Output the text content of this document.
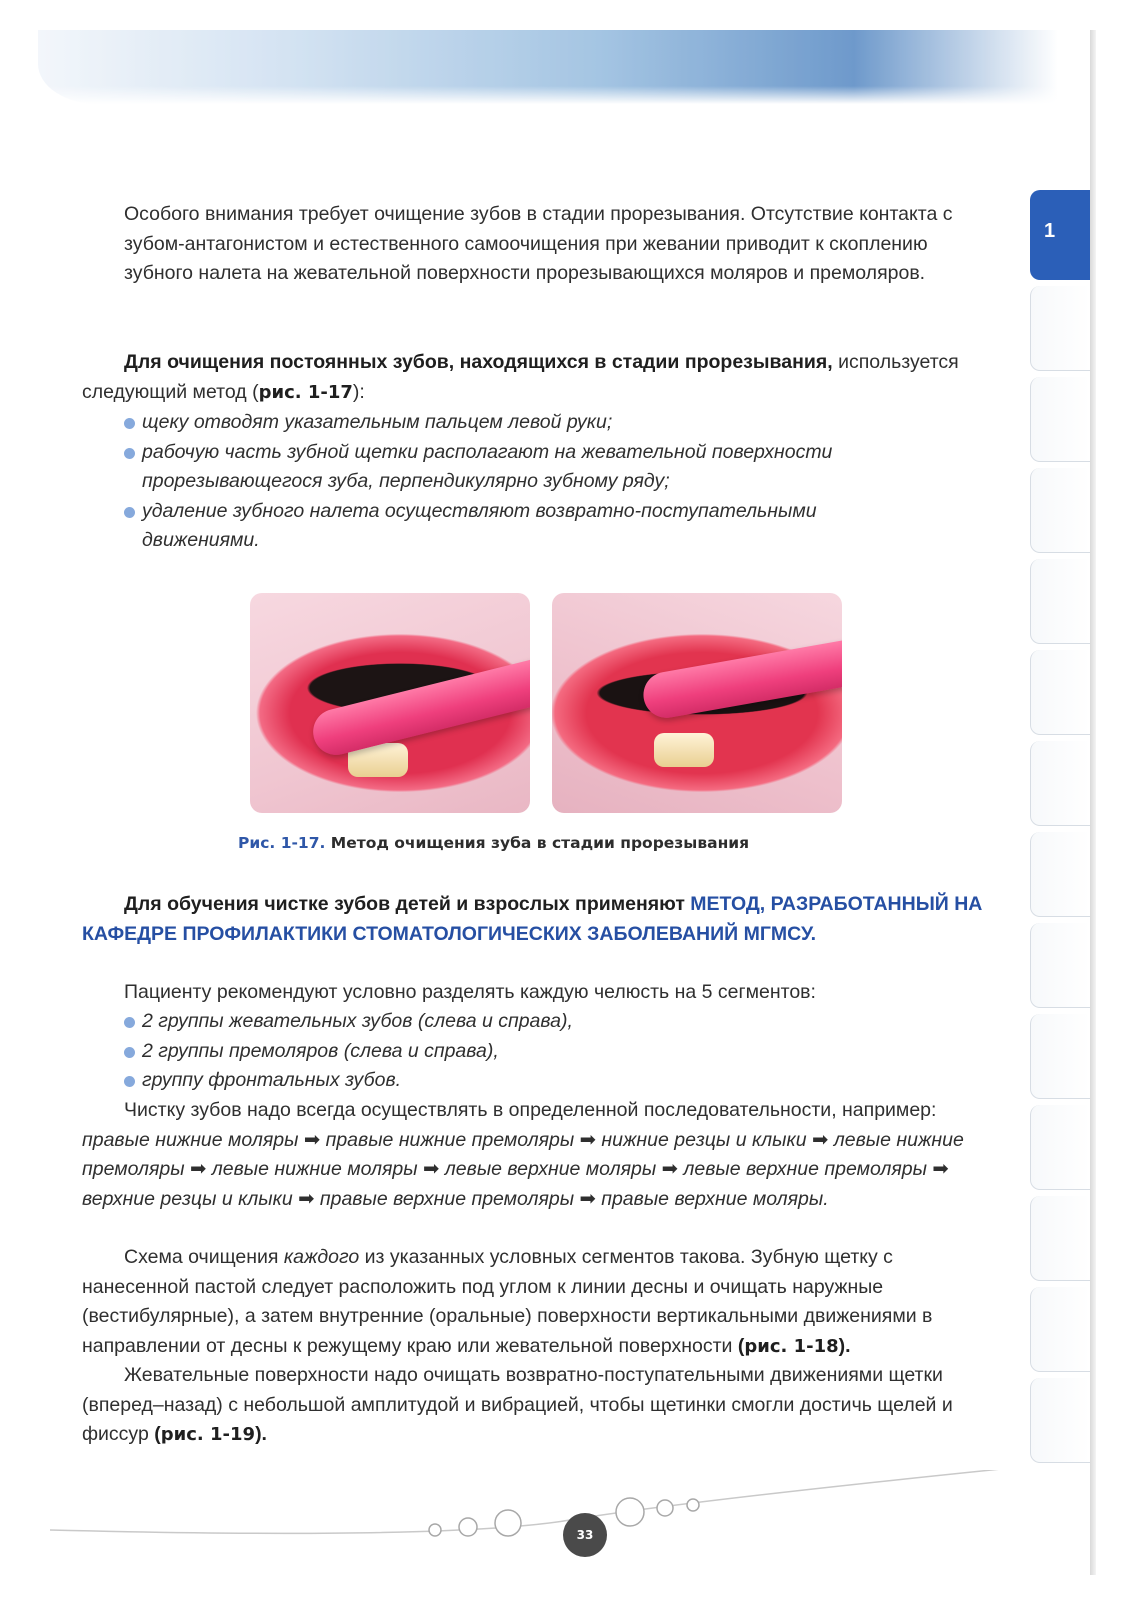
1

Особого внимания требует очищение зубов в стадии прорезывания. Отсутствие контакта с зубом-антагонистом и естественного самоочищения при жевании приводит к скоплению зубного налета на жевательной поверхности прорезывающихся моляров и премоляров.

Для очищения постоянных зубов, находящихся в стадии прорезывания, используется следующий метод (рис. 1-17):

щеку отводят указательным пальцем левой руки;
рабочую часть зубной щетки располагают на жевательной поверхности прорезывающегося зуба, перпендикулярно зубному ряду;
удаление зубного налета осуществляют возвратно-поступательными движениями.
Рис. 1-17. Метод очищения зуба в стадии прорезывания

Для обучения чистке зубов детей и взрослых применяют МЕТОД, РАЗРАБОТАННЫЙ НА КАФЕДРЕ ПРОФИЛАКТИКИ СТОМАТОЛОГИЧЕСКИХ ЗАБОЛЕВАНИЙ МГМСУ.

Пациенту рекомендуют условно разделять каждую челюсть на 5 сегментов:

2 группы жевательных зубов (слева и справа),
2 группы премоляров (слева и справа),
группу фронтальных зубов.

Чистку зубов надо всегда осуществлять в определенной последовательности, например: правые нижние моляры ➡ правые нижние премоляры ➡ нижние резцы и клыки ➡ левые нижние премоляры ➡ левые нижние моляры ➡ левые верхние моляры ➡ левые верхние премоляры ➡ верхние резцы и клыки ➡ правые верхние премоляры ➡ правые верхние моляры.

Схема очищения каждого из указанных условных сегментов такова. Зубную щетку с нанесенной пастой следует расположить под углом к линии десны и очищать наружные (вестибулярные), а затем внутренние (оральные) поверхности вертикальными движениями в направлении от десны к режущему краю или жевательной поверхности (рис. 1-18).

Жевательные поверхности надо очищать возвратно-поступательными движениями щетки (вперед–назад) с небольшой амплитудой и вибрацией, чтобы щетинки смогли достичь щелей и фиссур (рис. 1-19).

33
